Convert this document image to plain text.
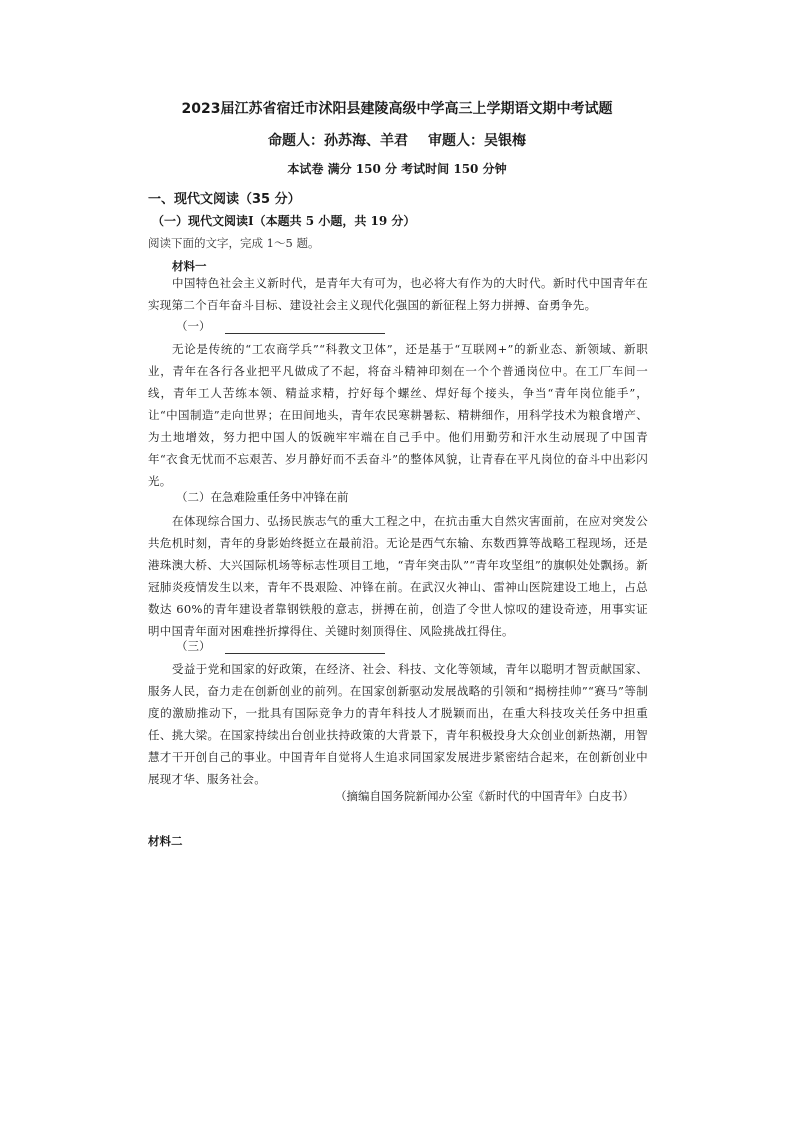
2023届江苏省宿迁市沭阳县建陵高级中学高三上学期语文期中考试题
命题人：孙苏海、羊君 审题人：吴银梅
本试卷 满分 150 分 考试时间 150 分钟
一、现代文阅读（35 分）
（一）现代文阅读Ⅰ（本题共 5 小题，共 19 分）
阅读下面的文字，完成 1～5 题。
材料一

中国特色社会主义新时代，是青年大有可为，也必将大有作为的大时代。新时代中国青年在实现第二个百年奋斗目标、建设社会主义现代化强国的新征程上努力拼搏、奋勇争先。

（一）

无论是传统的“工农商学兵”“科教文卫体”，还是基于“互联网+”的新业态、新领域、新职业，青年在各行各业把平凡做成了不起，将奋斗精神印刻在一个个普通岗位中。在工厂车间一线，青年工人苦练本领、精益求精，拧好每个螺丝、焊好每个接头，争当“青年岗位能手”，让“中国制造”走向世界；在田间地头，青年农民寒耕暑耘、精耕细作，用科学技术为粮食增产、为土地增效，努力把中国人的饭碗牢牢端在自己手中。他们用勤劳和汗水生动展现了中国青年“衣食无忧而不忘艰苦、岁月静好而不丢奋斗”的整体风貌，让青春在平凡岗位的奋斗中出彩闪光。

（二）在急难险重任务中冲锋在前

在体现综合国力、弘扬民族志气的重大工程之中，在抗击重大自然灾害面前，在应对突发公共危机时刻，青年的身影始终挺立在最前沿。无论是西气东输、东数西算等战略工程现场，还是港珠澳大桥、大兴国际机场等标志性项目工地，“青年突击队”“青年攻坚组”的旗帜处处飘扬。新冠肺炎疫情发生以来，青年不畏艰险、冲锋在前。在武汉火神山、雷神山医院建设工地上，占总数达 60%的青年建设者靠钢铁般的意志，拼搏在前，创造了令世人惊叹的建设奇迹，用事实证明中国青年面对困难挫折撑得住、关键时刻顶得住、风险挑战扛得住。

（三）

受益于党和国家的好政策，在经济、社会、科技、文化等领域，青年以聪明才智贡献国家、服务人民，奋力走在创新创业的前列。在国家创新驱动发展战略的引领和“揭榜挂帅”“赛马”等制度的激励推动下，一批具有国际竞争力的青年科技人才脱颖而出，在重大科技攻关任务中担重任、挑大梁。在国家持续出台创业扶持政策的大背景下，青年积极投身大众创业创新热潮，用智慧才干开创自己的事业。中国青年自觉将人生追求同国家发展进步紧密结合起来，在创新创业中展现才华、服务社会。

（摘编自国务院新闻办公室《新时代的中国青年》白皮书）
材料二
